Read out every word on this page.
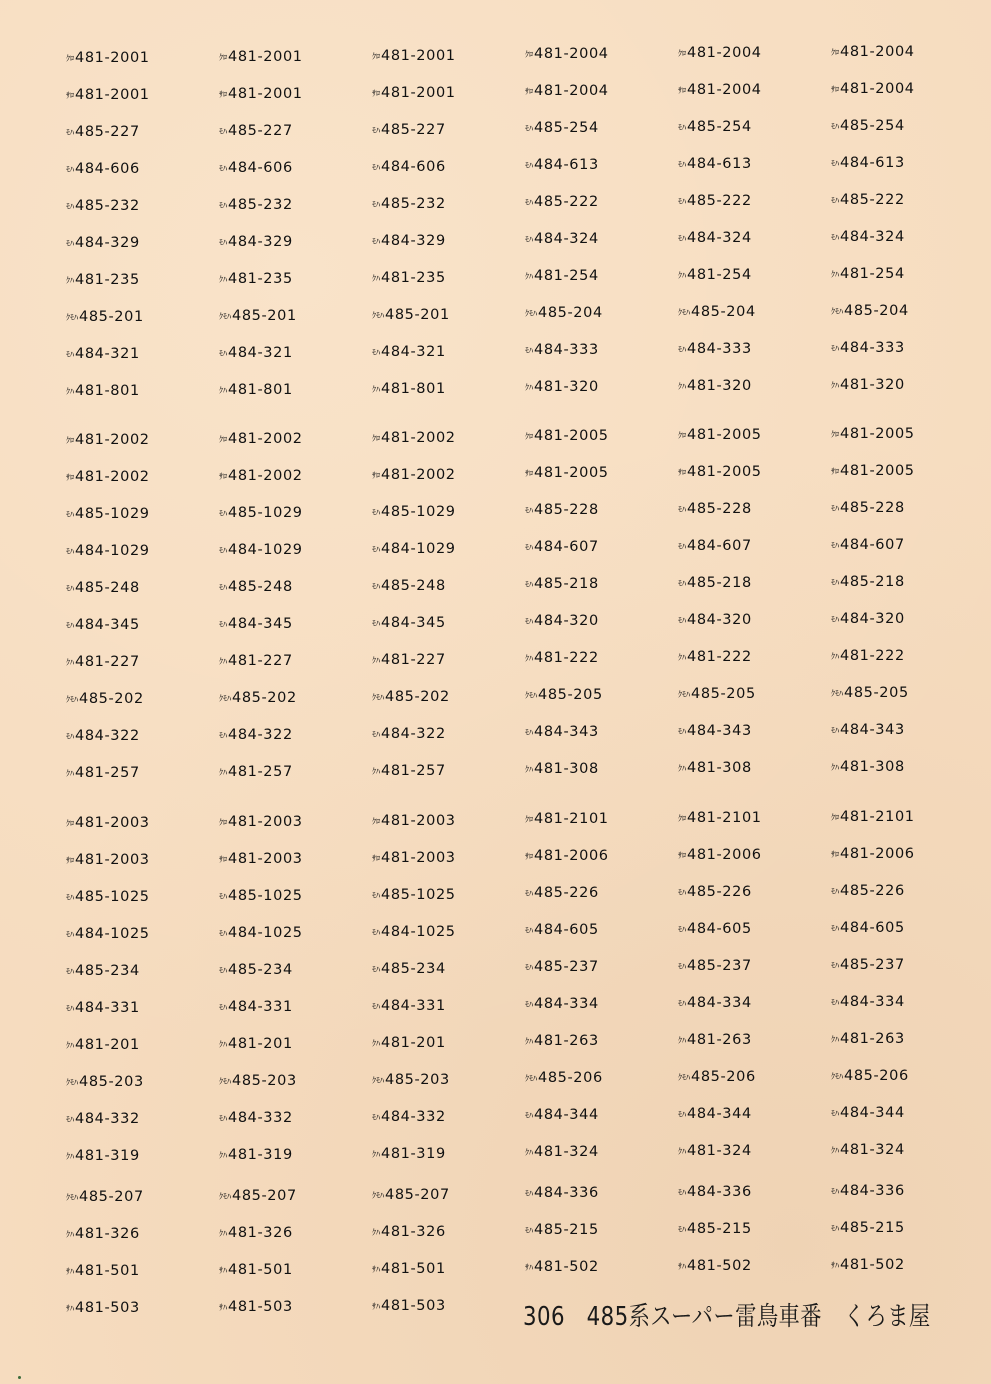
306　485系スーパー雷鳥車番　くろま屋
ｸﾛ481-2001
ｻﾛ481-2001
ﾓﾊ485-227
ﾓﾊ484-606
ﾓﾊ485-232
ﾓﾊ484-329
ｸﾊ481-235
ｸﾓﾊ485-201
ﾓﾊ484-321
ｸﾊ481-801
ｸﾛ481-2002
ｻﾛ481-2002
ﾓﾊ485-1029
ﾓﾊ484-1029
ﾓﾊ485-248
ﾓﾊ484-345
ｸﾊ481-227
ｸﾓﾊ485-202
ﾓﾊ484-322
ｸﾊ481-257
ｸﾛ481-2003
ｻﾛ481-2003
ﾓﾊ485-1025
ﾓﾊ484-1025
ﾓﾊ485-234
ﾓﾊ484-331
ｸﾊ481-201
ｸﾓﾊ485-203
ﾓﾊ484-332
ｸﾊ481-319
ｸﾓﾊ485-207
ｸﾊ481-326
ｻﾊ481-501
ｻﾊ481-503
ｸﾛ481-2001
ｻﾛ481-2001
ﾓﾊ485-227
ﾓﾊ484-606
ﾓﾊ485-232
ﾓﾊ484-329
ｸﾊ481-235
ｸﾓﾊ485-201
ﾓﾊ484-321
ｸﾊ481-801
ｸﾛ481-2002
ｻﾛ481-2002
ﾓﾊ485-1029
ﾓﾊ484-1029
ﾓﾊ485-248
ﾓﾊ484-345
ｸﾊ481-227
ｸﾓﾊ485-202
ﾓﾊ484-322
ｸﾊ481-257
ｸﾛ481-2003
ｻﾛ481-2003
ﾓﾊ485-1025
ﾓﾊ484-1025
ﾓﾊ485-234
ﾓﾊ484-331
ｸﾊ481-201
ｸﾓﾊ485-203
ﾓﾊ484-332
ｸﾊ481-319
ｸﾓﾊ485-207
ｸﾊ481-326
ｻﾊ481-501
ｻﾊ481-503
ｸﾛ481-2001
ｻﾛ481-2001
ﾓﾊ485-227
ﾓﾊ484-606
ﾓﾊ485-232
ﾓﾊ484-329
ｸﾊ481-235
ｸﾓﾊ485-201
ﾓﾊ484-321
ｸﾊ481-801
ｸﾛ481-2002
ｻﾛ481-2002
ﾓﾊ485-1029
ﾓﾊ484-1029
ﾓﾊ485-248
ﾓﾊ484-345
ｸﾊ481-227
ｸﾓﾊ485-202
ﾓﾊ484-322
ｸﾊ481-257
ｸﾛ481-2003
ｻﾛ481-2003
ﾓﾊ485-1025
ﾓﾊ484-1025
ﾓﾊ485-234
ﾓﾊ484-331
ｸﾊ481-201
ｸﾓﾊ485-203
ﾓﾊ484-332
ｸﾊ481-319
ｸﾓﾊ485-207
ｸﾊ481-326
ｻﾊ481-501
ｻﾊ481-503
ｸﾛ481-2004
ｻﾛ481-2004
ﾓﾊ485-254
ﾓﾊ484-613
ﾓﾊ485-222
ﾓﾊ484-324
ｸﾊ481-254
ｸﾓﾊ485-204
ﾓﾊ484-333
ｸﾊ481-320
ｸﾛ481-2005
ｻﾛ481-2005
ﾓﾊ485-228
ﾓﾊ484-607
ﾓﾊ485-218
ﾓﾊ484-320
ｸﾊ481-222
ｸﾓﾊ485-205
ﾓﾊ484-343
ｸﾊ481-308
ｸﾛ481-2101
ｻﾛ481-2006
ﾓﾊ485-226
ﾓﾊ484-605
ﾓﾊ485-237
ﾓﾊ484-334
ｸﾊ481-263
ｸﾓﾊ485-206
ﾓﾊ484-344
ｸﾊ481-324
ﾓﾊ484-336
ﾓﾊ485-215
ｻﾊ481-502
ｸﾛ481-2004
ｻﾛ481-2004
ﾓﾊ485-254
ﾓﾊ484-613
ﾓﾊ485-222
ﾓﾊ484-324
ｸﾊ481-254
ｸﾓﾊ485-204
ﾓﾊ484-333
ｸﾊ481-320
ｸﾛ481-2005
ｻﾛ481-2005
ﾓﾊ485-228
ﾓﾊ484-607
ﾓﾊ485-218
ﾓﾊ484-320
ｸﾊ481-222
ｸﾓﾊ485-205
ﾓﾊ484-343
ｸﾊ481-308
ｸﾛ481-2101
ｻﾛ481-2006
ﾓﾊ485-226
ﾓﾊ484-605
ﾓﾊ485-237
ﾓﾊ484-334
ｸﾊ481-263
ｸﾓﾊ485-206
ﾓﾊ484-344
ｸﾊ481-324
ﾓﾊ484-336
ﾓﾊ485-215
ｻﾊ481-502
ｸﾛ481-2004
ｻﾛ481-2004
ﾓﾊ485-254
ﾓﾊ484-613
ﾓﾊ485-222
ﾓﾊ484-324
ｸﾊ481-254
ｸﾓﾊ485-204
ﾓﾊ484-333
ｸﾊ481-320
ｸﾛ481-2005
ｻﾛ481-2005
ﾓﾊ485-228
ﾓﾊ484-607
ﾓﾊ485-218
ﾓﾊ484-320
ｸﾊ481-222
ｸﾓﾊ485-205
ﾓﾊ484-343
ｸﾊ481-308
ｸﾛ481-2101
ｻﾛ481-2006
ﾓﾊ485-226
ﾓﾊ484-605
ﾓﾊ485-237
ﾓﾊ484-334
ｸﾊ481-263
ｸﾓﾊ485-206
ﾓﾊ484-344
ｸﾊ481-324
ﾓﾊ484-336
ﾓﾊ485-215
ｻﾊ481-502
